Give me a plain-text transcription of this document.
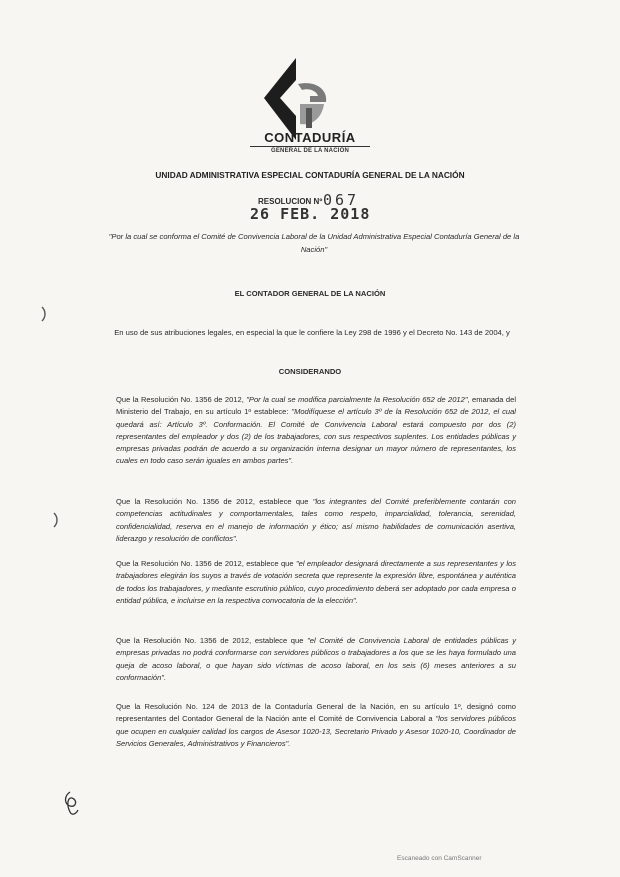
CONTADURÍA
GENERAL DE LA NACIÓN
UNIDAD ADMINISTRATIVA ESPECIAL CONTADURÍA GENERAL DE LA NACIÓN
RESOLUCION Nº 067
26 FEB. 2018
"Por la cual se conforma el Comité de Convivencia Laboral de la Unidad Administrativa Especial Contaduría General de la Nación"
EL CONTADOR GENERAL DE LA NACIÓN
En uso de sus atribuciones legales, en especial la que le confiere la Ley 298 de 1996 y el Decreto No. 143 de 2004, y
CONSIDERANDO
Que la Resolución No. 1356 de 2012, "Por la cual se modifica parcialmente la Resolución 652 de 2012", emanada del Ministerio del Trabajo, en su artículo 1º establece: "Modifíquese el artículo 3º de la Resolución 652 de 2012, el cual quedará así: Artículo 3º. Conformación. El Comité de Convivencia Laboral estará compuesto por dos (2) representantes del empleador y dos (2) de los trabajadores, con sus respectivos suplentes. Los entidades públicas y empresas privadas podrán de acuerdo a su organización interna designar un mayor número de representantes, los cuales en todo caso serán iguales en ambos partes".
Que la Resolución No. 1356 de 2012, establece que "los integrantes del Comité preferiblemente contarán con competencias actitudinales y comportamentales, tales como respeto, imparcialidad, tolerancia, serenidad, confidencialidad, reserva en el manejo de información y ético; así mismo habilidades de comunicación asertiva, liderazgo y resolución de conflictos".
Que la Resolución No. 1356 de 2012, establece que "el empleador designará directamente a sus representantes y los trabajadores elegirán los suyos a través de votación secreta que represente la expresión libre, espontánea y auténtica de todos los trabajadores, y mediante escrutinio público, cuyo procedimiento deberá ser adoptado por cada empresa o entidad pública, e incluirse en la respectiva convocatoria de la elección".
Que la Resolución No. 1356 de 2012, establece que "el Comité de Convivencia Laboral de entidades públicas y empresas privadas no podrá conformarse con servidores públicos o trabajadores a los que se les haya formulado una queja de acoso laboral, o que hayan sido víctimas de acoso laboral, en los seis (6) meses anteriores a su conformación".
Que la Resolución No. 124 de 2013 de la Contaduría General de la Nación, en su artículo 1º, designó como representantes del Contador General de la Nación ante el Comité de Convivencia Laboral a "los servidores públicos que ocupen en cualquier calidad los cargos de Asesor 1020-13, Secretario Privado y Asesor 1020-10, Coordinador de Servicios Generales, Administrativos y Financieros".
Escaneado con CamScanner
